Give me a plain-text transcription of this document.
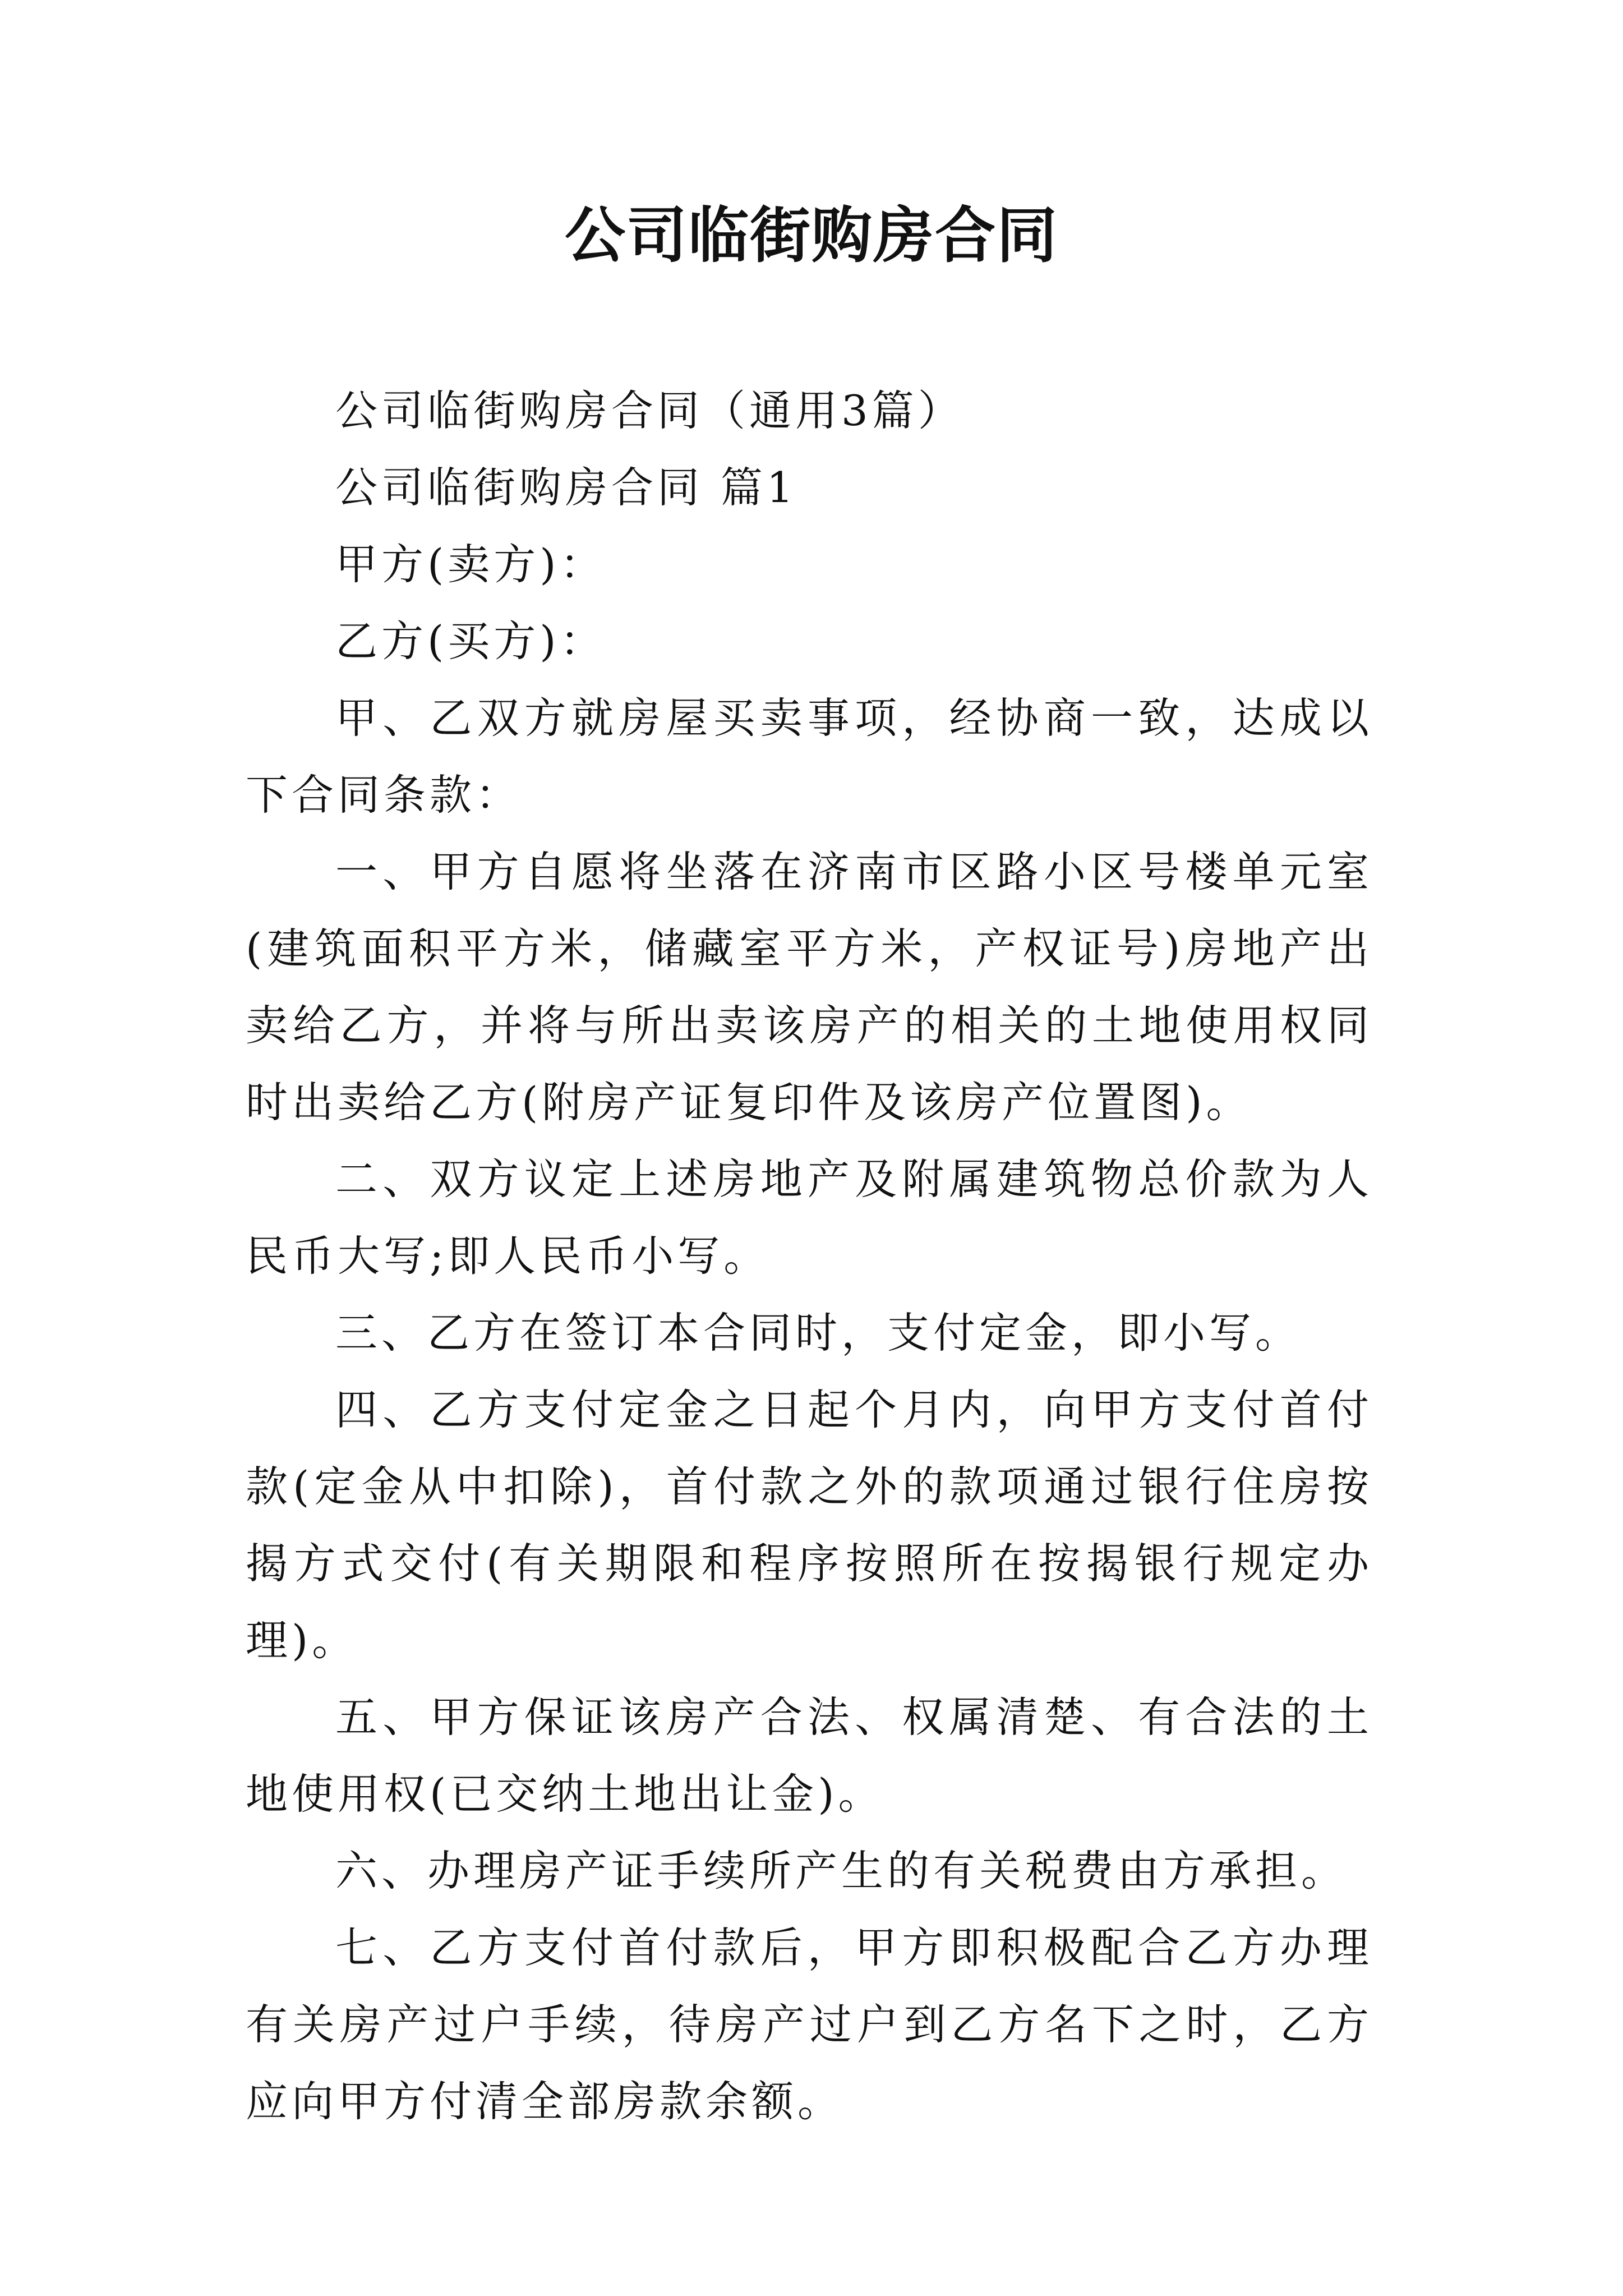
公司临街购房合同

公司临街购房合同（通用3篇）

公司临街购房合同 篇1

甲方(卖方)：

乙方(买方)：

甲、乙双方就房屋买卖事项，经协商一致，达成以下合同条款：

一、甲方自愿将坐落在济南市区路小区号楼单元室(建筑面积平方米，储藏室平方米，产权证号)房地产出卖给乙方，并将与所出卖该房产的相关的土地使用权同时出卖给乙方(附房产证复印件及该房产位置图)。

二、双方议定上述房地产及附属建筑物总价款为人民币大写;即人民币小写。

三、乙方在签订本合同时，支付定金，即小写。

四、乙方支付定金之日起个月内，向甲方支付首付款(定金从中扣除)，首付款之外的款项通过银行住房按揭方式交付(有关期限和程序按照所在按揭银行规定办理)。

五、甲方保证该房产合法、权属清楚、有合法的土地使用权(已交纳土地出让金)。

六、办理房产证手续所产生的有关税费由方承担。

七、乙方支付首付款后，甲方即积极配合乙方办理有关房产过户手续，待房产过户到乙方名下之时，乙方应向甲方付清全部房款余额。
